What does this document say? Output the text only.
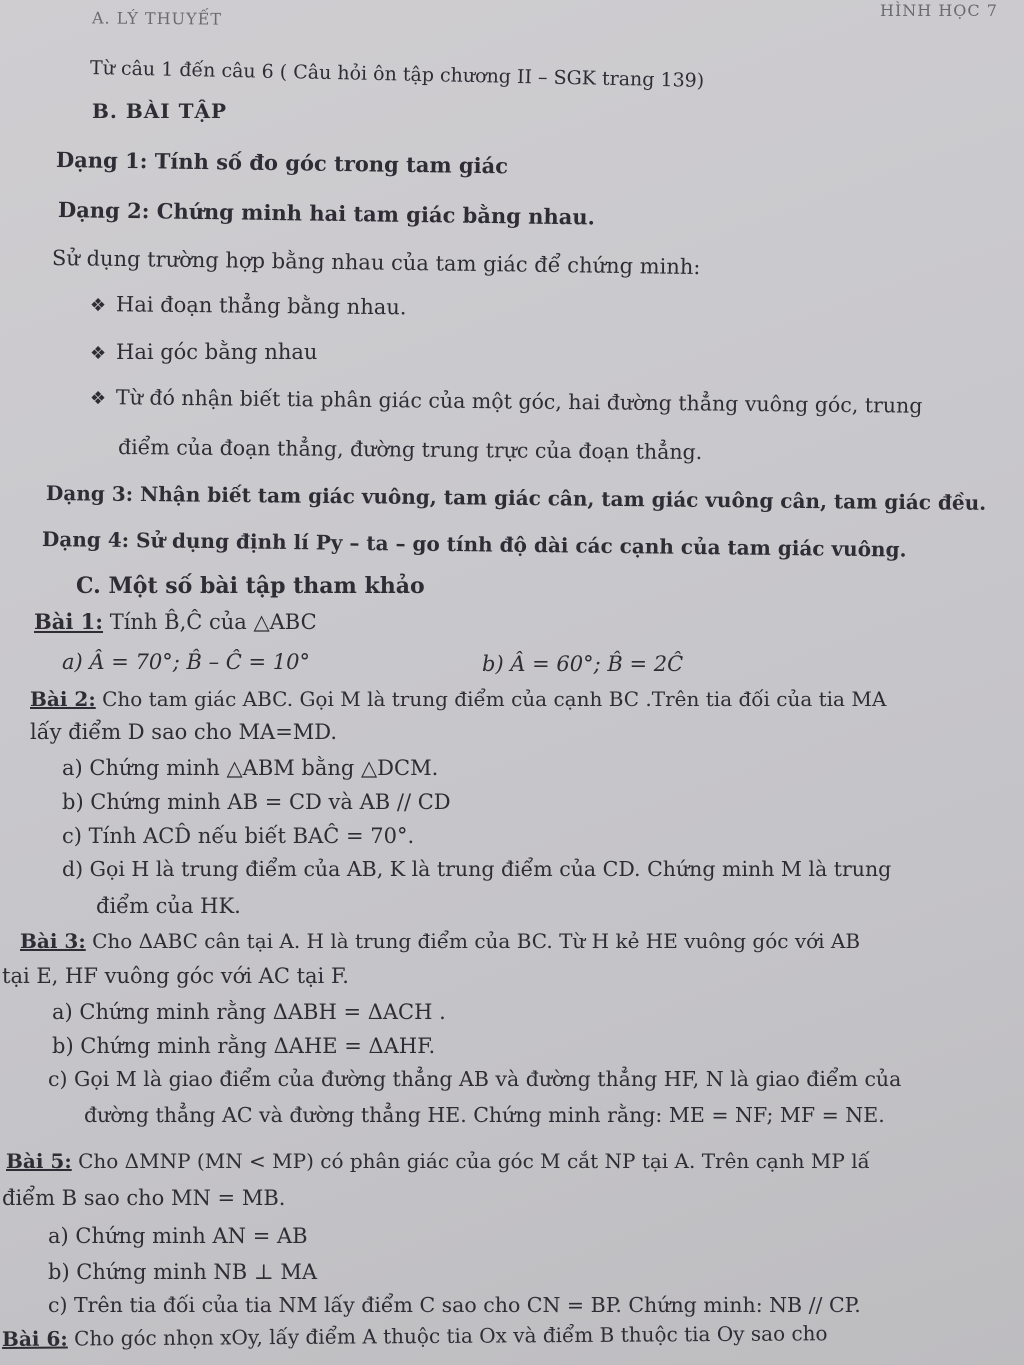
A. LÝ THUYẾT	HÌNH HỌC 7
Từ câu 1 đến câu 6 ( Câu hỏi ôn tập chương II – SGK trang 139)
B. BÀI TẬP
Dạng 1: Tính số đo góc trong tam giác
Dạng 2: Chứng minh hai tam giác bằng nhau.
Sử dụng trường hợp bằng nhau của tam giác để chứng minh:
❖ Hai đoạn thẳng bằng nhau.
❖ Hai góc bằng nhau
❖ Từ đó nhận biết tia phân giác của một góc, hai đường thẳng vuông góc, trung
điểm của đoạn thẳng, đường trung trực của đoạn thẳng.
Dạng 3: Nhận biết tam giác vuông, tam giác cân, tam giác vuông cân, tam giác đều.
Dạng 4: Sử dụng định lí Py – ta – go tính độ dài các cạnh của tam giác vuông.
C. Một số bài tập tham khảo
Bài 1: Tính B̂,Ĉ của △ABC
a) Â = 70°; B̂ – Ĉ = 10°	b) Â = 60°; B̂ = 2Ĉ
Bài 2: Cho tam giác ABC. Gọi M là trung điểm của cạnh BC .Trên tia đối của tia MA
lấy điểm D sao cho MA=MD.
a) Chứng minh △ABM bằng △DCM.
b) Chứng minh AB = CD và AB // CD
c) Tính ACD̂ nếu biết BAĈ = 70°.
d) Gọi H là trung điểm của AB, K là trung điểm của CD. Chứng minh M là trung
điểm của HK.
Bài 3: Cho ΔABC cân tại A. H là trung điểm của BC. Từ H kẻ HE vuông góc với AB
tại E, HF vuông góc với AC tại F.
a) Chứng minh rằng ΔABH = ΔACH .
b) Chứng minh rằng ΔAHE = ΔAHF.
c) Gọi M là giao điểm của đường thẳng AB và đường thẳng HF, N là giao điểm của
đường thẳng AC và đường thẳng HE. Chứng minh rằng: ME = NF; MF = NE.
Bài 5: Cho ΔMNP (MN < MP) có phân giác của góc M cắt NP tại A. Trên cạnh MP lấ
điểm B sao cho MN = MB.
a) Chứng minh AN = AB
b) Chứng minh NB ⊥ MA
c) Trên tia đối của tia NM lấy điểm C sao cho CN = BP. Chứng minh: NB // CP.
Bài 6: Cho góc nhọn xOy, lấy điểm A thuộc tia Ox và điểm B thuộc tia Oy sao cho
